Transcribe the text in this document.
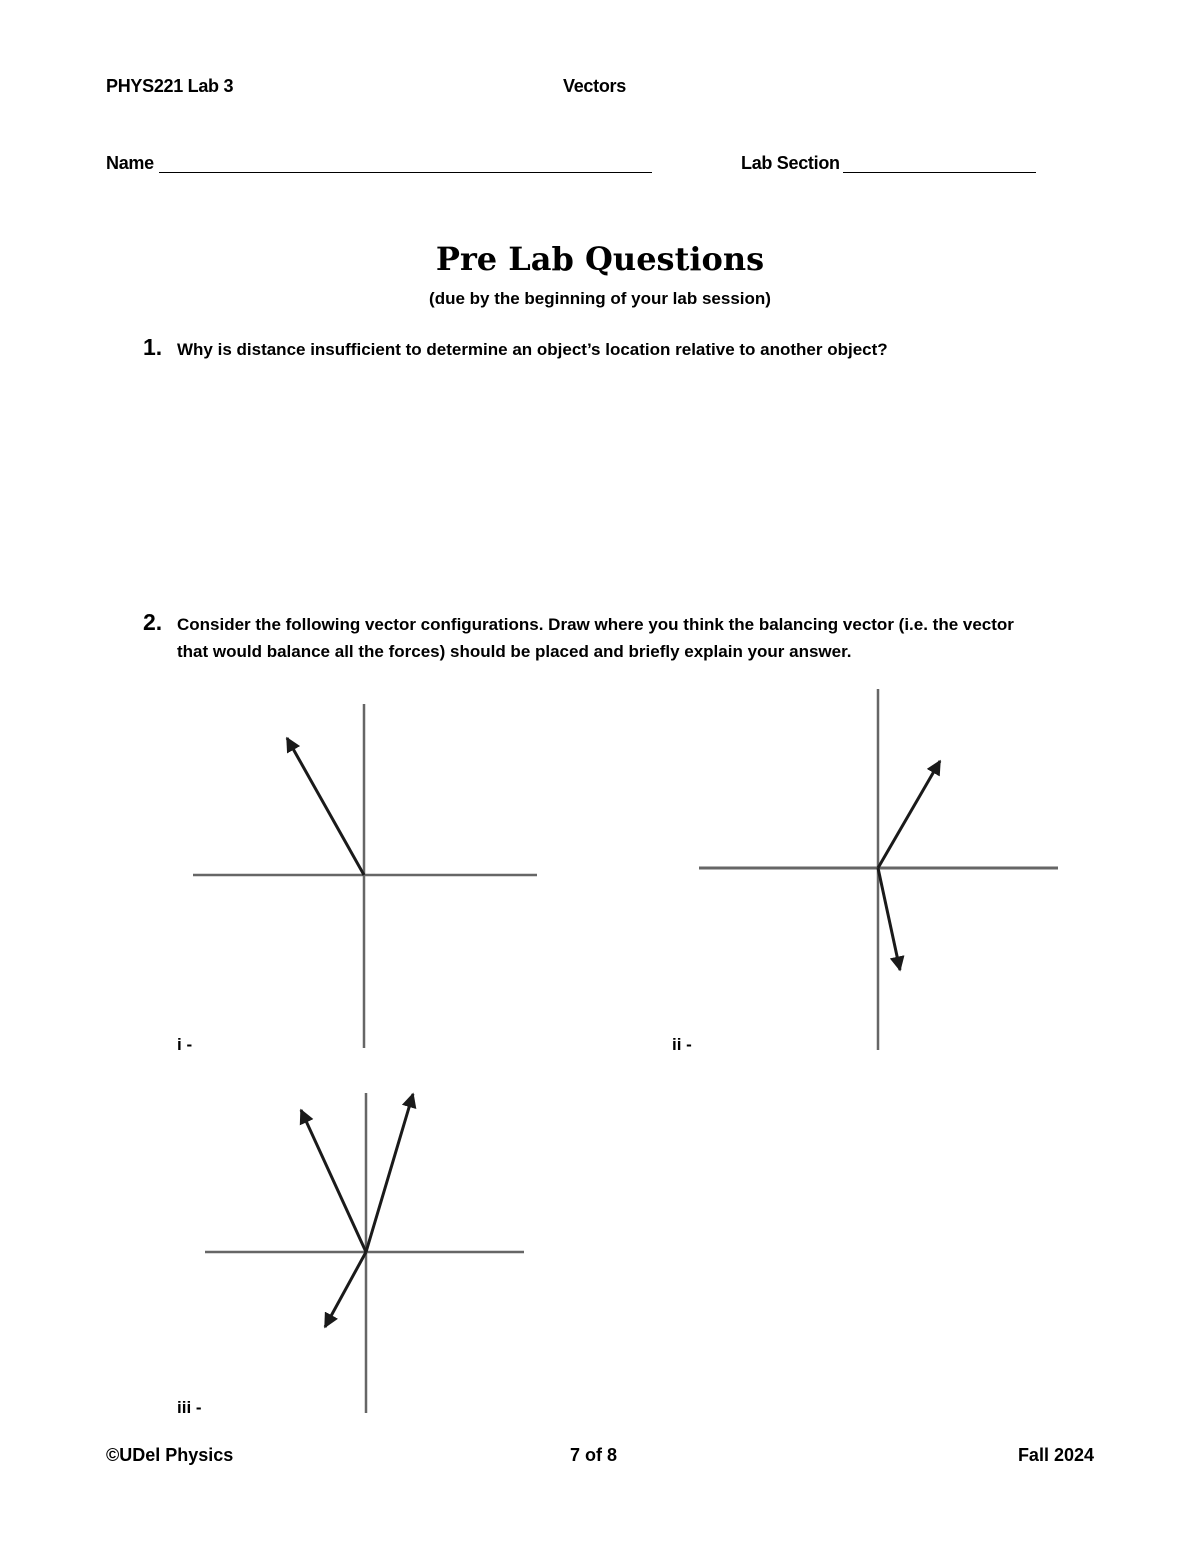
PHYS221 Lab 3	Vectors
Name	Lab Section
Pre Lab Questions
(due by the beginning of your lab session)
1. Why is distance insufficient to determine an object’s location relative to another object?
2. Consider the following vector configurations. Draw where you think the balancing vector (i.e. the vector
that would balance all the forces) should be placed and briefly explain your answer.
i -	ii -
iii -
©UDel Physics	7 of 8	Fall 2024
